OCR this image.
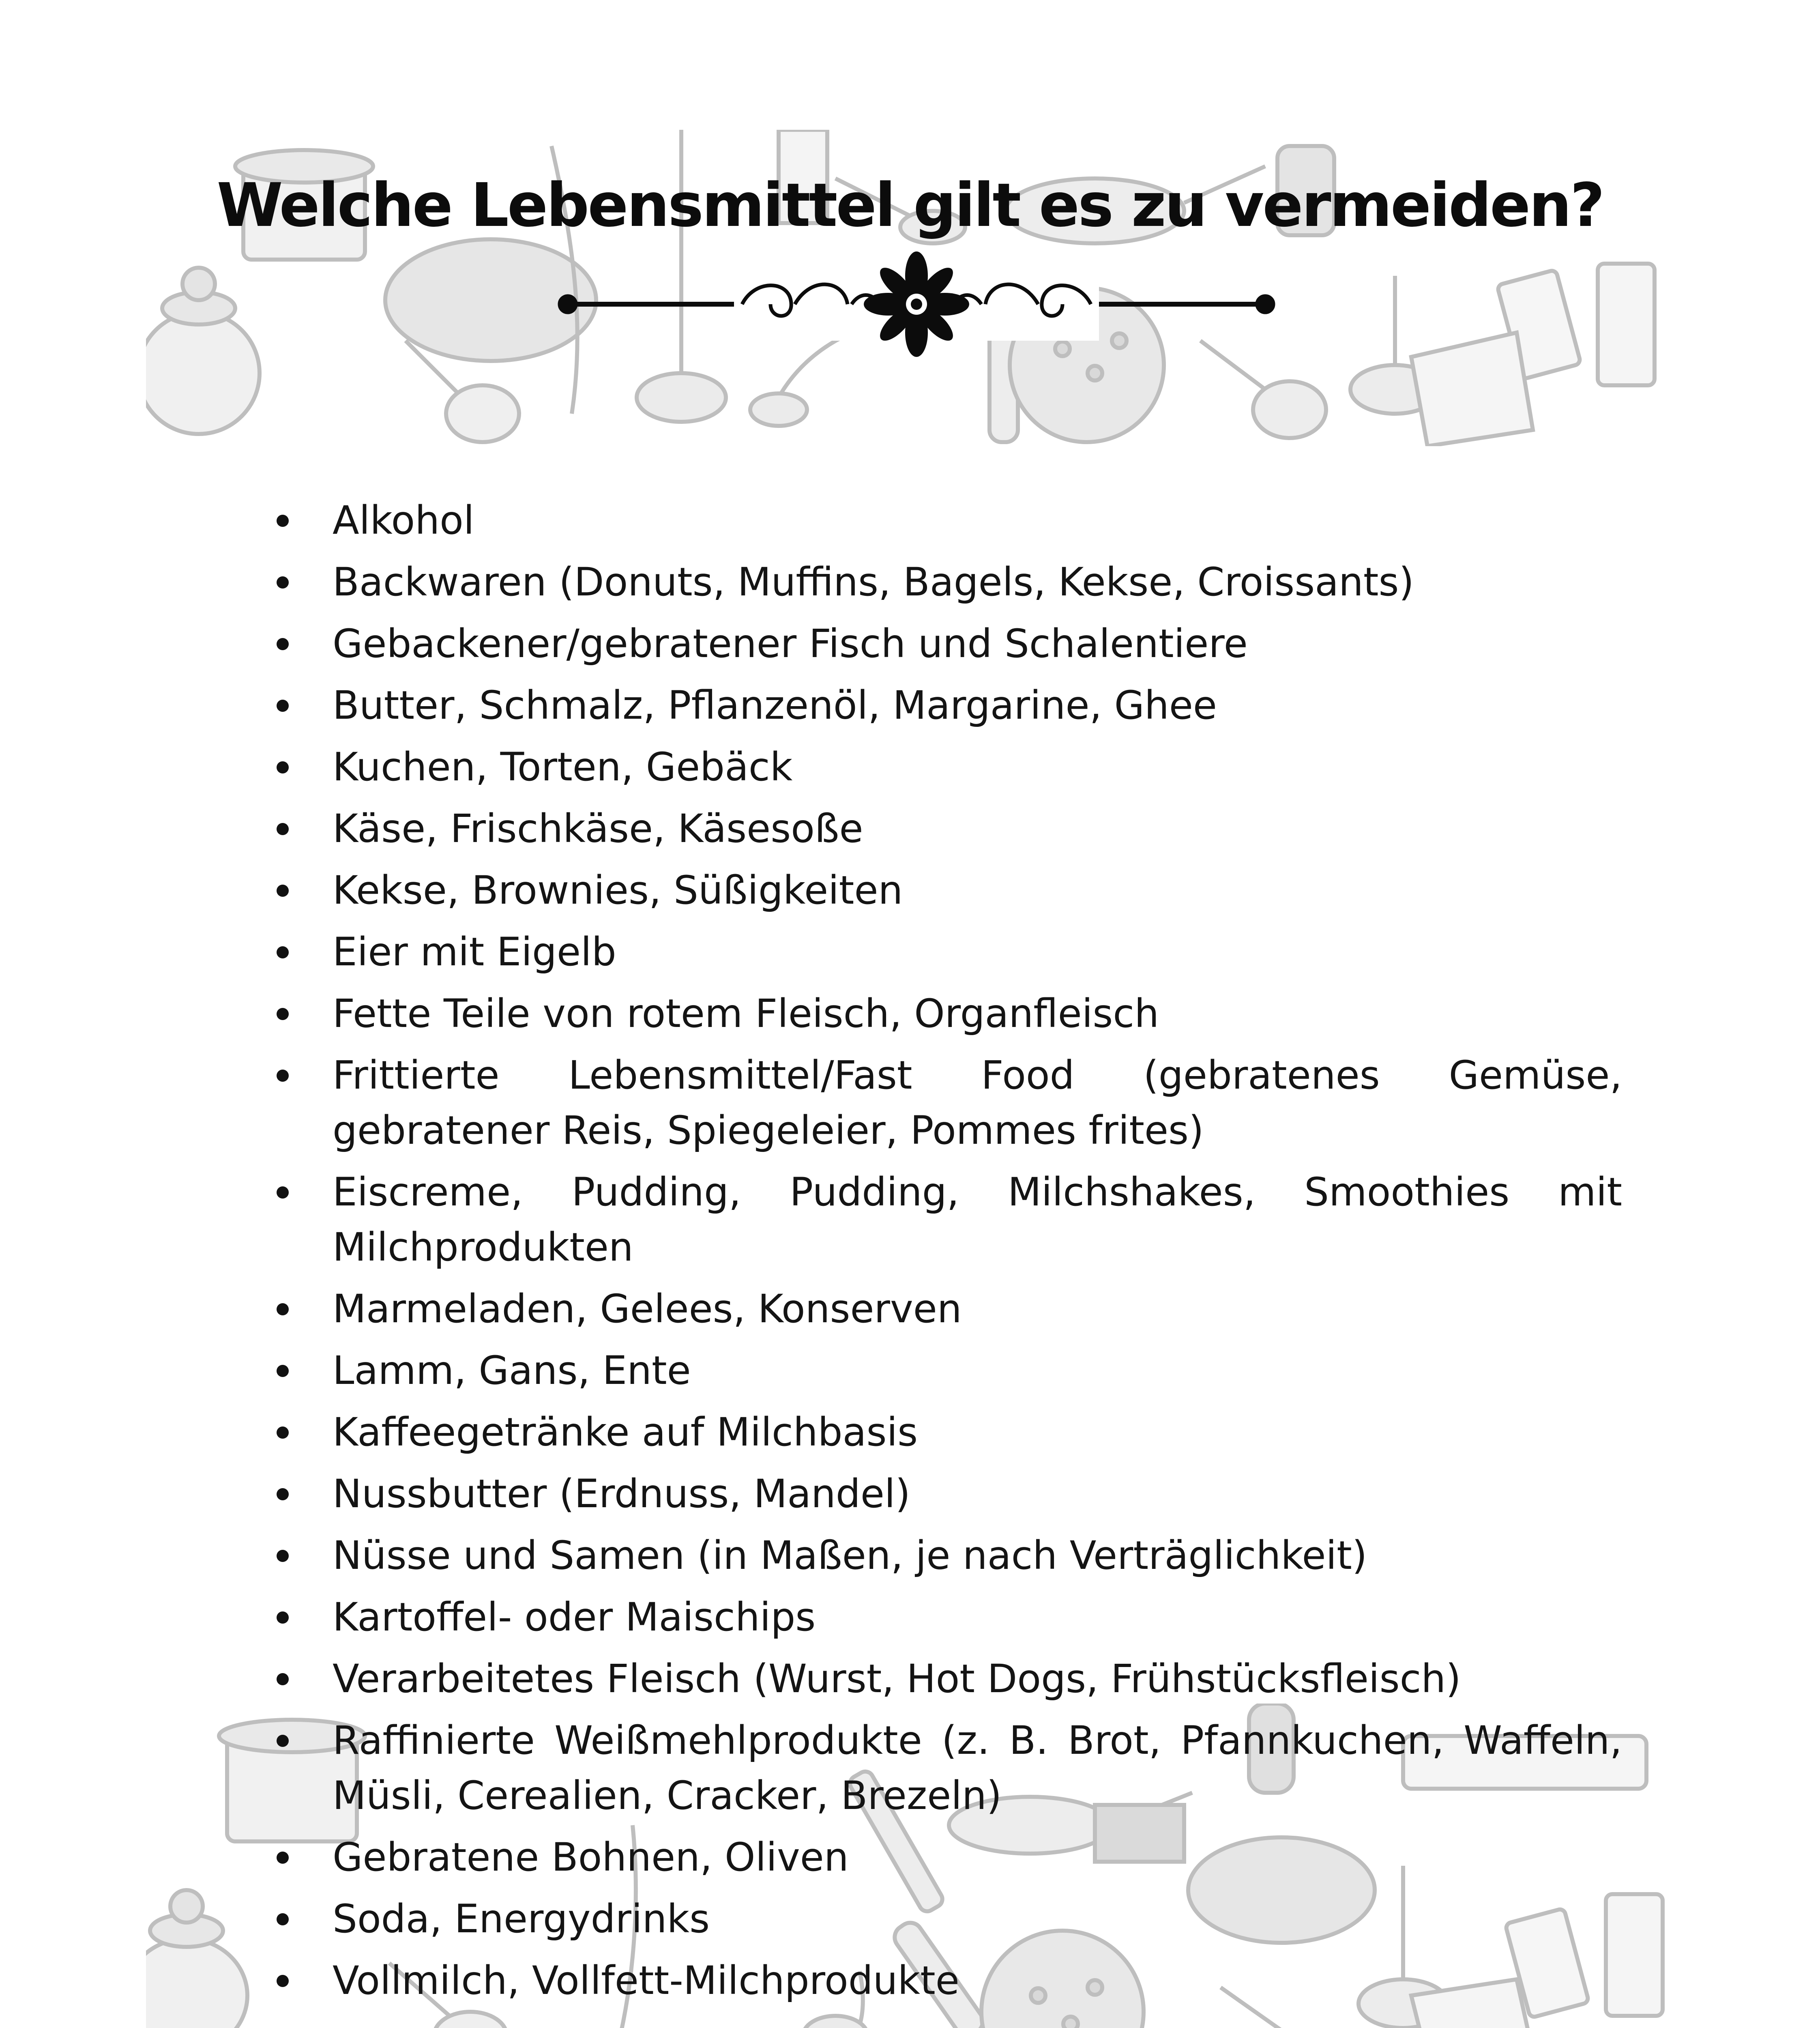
Welche Lebensmittel gilt es zu vermeiden?
Alkohol
Backwaren (Donuts, Muffins, Bagels, Kekse, Croissants)
Gebackener/gebratener Fisch und Schalentiere
Butter, Schmalz, Pflanzenöl, Margarine, Ghee
Kuchen, Torten, Gebäck
Käse, Frischkäse, Käsesoße
Kekse, Brownies, Süßigkeiten
Eier mit Eigelb
Fette Teile von rotem Fleisch, Organfleisch
Frittierte Lebensmittel/Fast Food (gebratenes Gemüse, gebratener Reis, Spiegeleier, Pommes frites)
Eiscreme, Pudding, Pudding, Milchshakes, Smoothies mit Milchprodukten
Marmeladen, Gelees, Konserven
Lamm, Gans, Ente
Kaffeegetränke auf Milchbasis
Nussbutter (Erdnuss, Mandel)
Nüsse und Samen (in Maßen, je nach Verträglichkeit)
Kartoffel- oder Maischips
Verarbeitetes Fleisch (Wurst, Hot Dogs, Frühstücksfleisch)
Raffinierte Weißmehlprodukte (z. B. Brot, Pfannkuchen, Waffeln, Müsli, Cerealien, Cracker, Brezeln)
Gebratene Bohnen, Oliven
Soda, Energydrinks
Vollmilch, Vollfett-Milchprodukte
